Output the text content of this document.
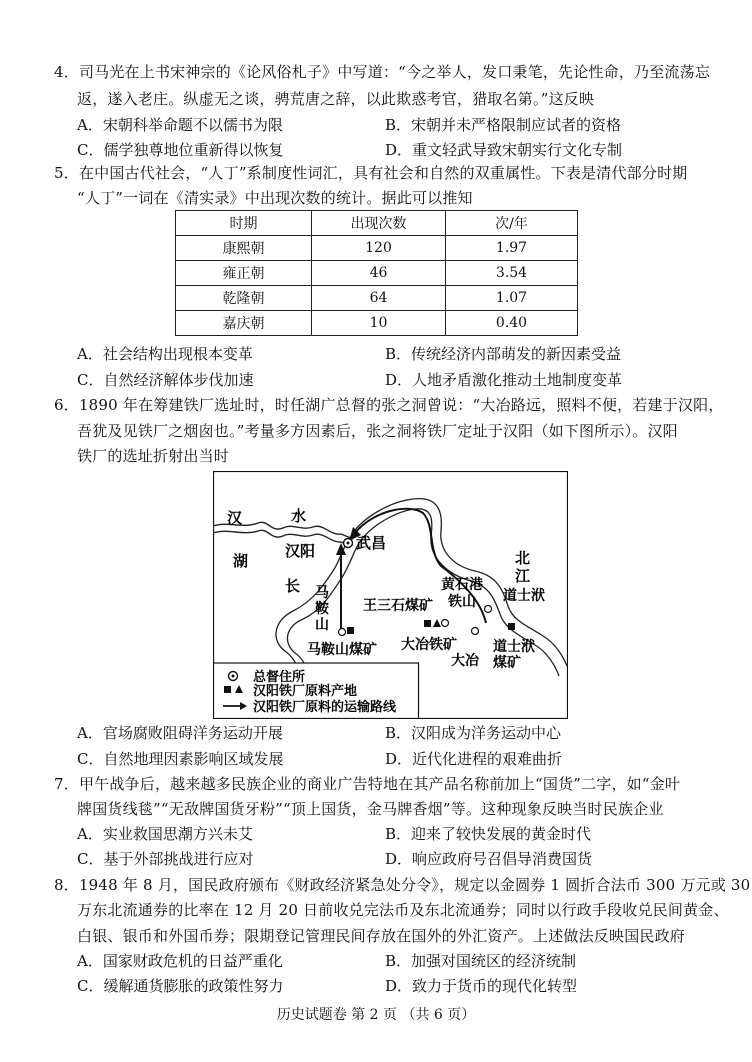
4．司马光在上书宋神宗的《论风俗札子》中写道：“今之举人，发口秉笔，先论性命，乃至流荡忘
返，遂入老庄。纵虚无之谈，骋荒唐之辞，以此欺惑考官，猎取名第。”这反映
A．宋朝科举命题不以儒书为限	B．宋朝并未严格限制应试者的资格
C．儒学独尊地位重新得以恢复	D．重文轻武导致宋朝实行文化专制
5．在中国古代社会，“人丁”系制度性词汇，具有社会和自然的双重属性。下表是清代部分时期
“人丁”一词在《清实录》中出现次数的统计。据此可以推知
时期	出现次数	次/年
康熙朝	120	1.97
雍正朝	46	3.54
乾隆朝	64	1.07
嘉庆朝	10	0.40
A．社会结构出现根本变革	B．传统经济内部萌发的新因素受益
C．自然经济解体步伐加速	D．人地矛盾激化推动土地制度变革
6．1890 年在筹建铁厂选址时，时任湖广总督的张之洞曾说：“大冶路远，照料不便，若建于汉阳，
吾犹及见铁厂之烟囱也。”考量多方因素后，张之洞将铁厂定址于汉阳（如下图所示）。汉阳
铁厂的选址折射出当时
汉	水
湖
汉阳	武昌
长 马
鞍
山
北
江
黄石港
铁山
王三石煤矿
道士洑
马鞍山煤矿 大冶铁矿
大冶
道士洑
煤矿
总督住所
汉阳铁厂原料产地
汉阳铁厂原料的运输路线
A．官场腐败阻碍洋务运动开展	B．汉阳成为洋务运动中心
C．自然地理因素影响区域发展	D．近代化进程的艰难曲折
7．甲午战争后，越来越多民族企业的商业广告特地在其产品名称前加上“国货”二字，如“金叶
牌国货线毯”“无敌牌国货牙粉”“顶上国货，金马牌香烟”等。这种现象反映当时民族企业
A．实业救国思潮方兴未艾	B．迎来了较快发展的黄金时代
C．基于外部挑战进行应对	D．响应政府号召倡导消费国货
8．1948 年 8 月，国民政府颁布《财政经济紧急处分令》，规定以金圆券 1 圆折合法币 300 万元或 30
万东北流通券的比率在 12 月 20 日前收兑完法币及东北流通券；同时以行政手段收兑民间黄金、
白银、银币和外国币券；限期登记管理民间存放在国外的外汇资产。上述做法反映国民政府
A．国家财政危机的日益严重化	B．加强对国统区的经济统制
C．缓解通货膨胀的政策性努力	D．致力于货币的现代化转型
历史试题卷 第 2 页 （共 6 页）
